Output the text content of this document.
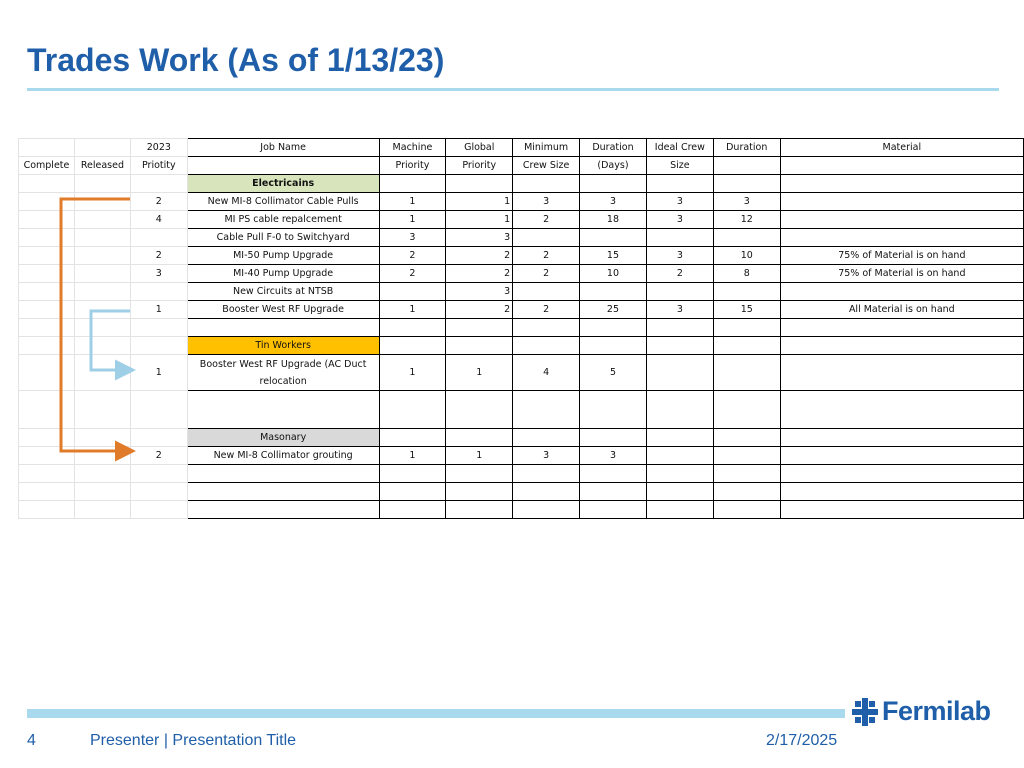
Trades Work (As of 1/13/23)
		2023	Job Name	Machine	Global	Minimum	Duration	Ideal Crew	Duration	Material
Complete	Released	Priotity		Priority	Priority	Crew Size	(Days)	Size		
			Electricains							
		2	New MI-8 Collimator Cable Pulls	1	1	3	3	3	3	
		4	MI PS cable repalcement	1	1	2	18	3	12	
			Cable Pull F-0 to Switchyard	3	3					
		2	MI-50 Pump Upgrade	2	2	2	15	3	10	75% of Material is on hand
		3	MI-40 Pump Upgrade	2	2	2	10	2	8	75% of Material is on hand
			New Circuits at NTSB		3					
		1	Booster West RF Upgrade	1	2	2	25	3	15	All Material is on hand

			Tin Workers							
		1	Booster West RF Upgrade (AC Duct relocation	1	1	4	5			

			Masonary							
		2	New MI-8 Collimator grouting	1	1	3	3			

Fermilab
4	Presenter | Presentation Title	2/17/2025
